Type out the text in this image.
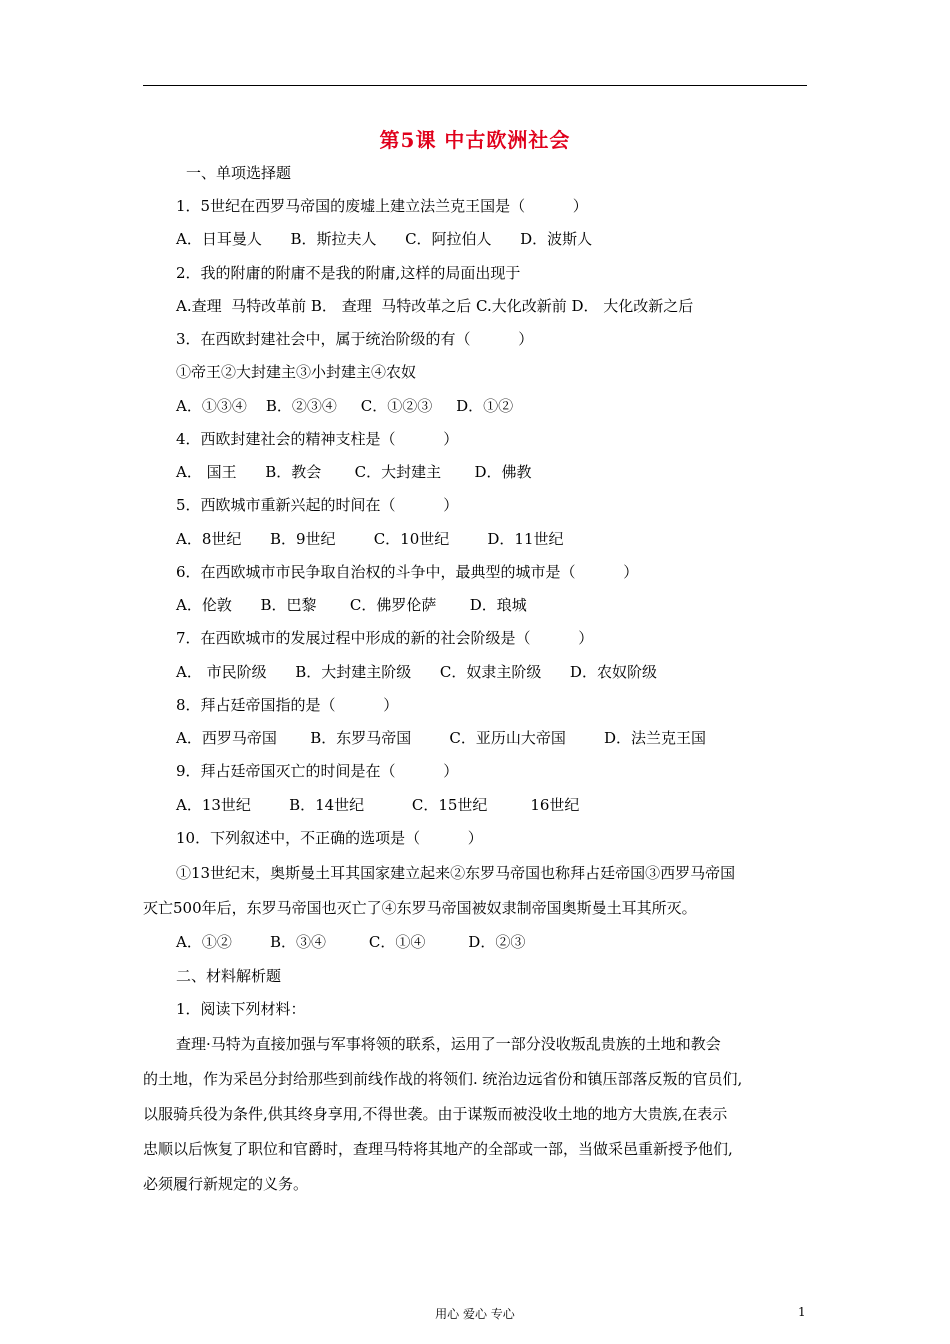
第5课 中古欧洲社会
一、单项选择题
1．5世纪在西罗马帝国的废墟上建立法兰克王国是（          ）
A．日耳曼人      B．斯拉夫人      C．阿拉伯人      D．波斯人
2．我的附庸的附庸不是我的附庸,这样的局面出现于
A.查理  马特改革前 B． 查理  马特改革之后 C.大化改新前 D． 大化改新之后
3．在西欧封建社会中，属于统治阶级的有（          ）
①帝王②大封建主③小封建主④农奴
A．①③④    B．②③④     C．①②③     D．①②
4．西欧封建社会的精神支柱是（          ）
A． 国王      B．教会       C．大封建主       D．佛教
5．西欧城市重新兴起的时间在（          ）
A．8世纪      B．9世纪        C．10世纪        D．11世纪
6．在西欧城市市民争取自治权的斗争中，最典型的城市是（          ）
A．伦敦      B．巴黎       C．佛罗伦萨       D．琅城
7．在西欧城市的发展过程中形成的新的社会阶级是（          ）
A． 市民阶级      B．大封建主阶级      C．奴隶主阶级      D．农奴阶级
8．拜占廷帝国指的是（          ）
A．西罗马帝国       B．东罗马帝国        C．亚历山大帝国        D．法兰克王国
9．拜占廷帝国灭亡的时间是在（          ）
A．13世纪        B．14世纪          C．15世纪         16世纪
10．下列叙述中，不正确的选项是（          ）
①13世纪末，奥斯曼土耳其国家建立起来②东罗马帝国也称拜占廷帝国③西罗马帝国
灭亡500年后，东罗马帝国也灭亡了④东罗马帝国被奴隶制帝国奥斯曼土耳其所灭。
A．①②        B．③④         C．①④         D．②③
二、材料解析题
1．阅读下列材料：
查理·马特为直接加强与军事将领的联系，运用了一部分没收叛乱贵族的土地和教会
的土地，作为采邑分封给那些到前线作战的将领们. 统治边远省份和镇压部落反叛的官员们,
以服骑兵役为条件,供其终身享用,不得世袭。由于谋叛而被没收土地的地方大贵族,在表示
忠顺以后恢复了职位和官爵时，查理马特将其地产的全部或一部，当做采邑重新授予他们,
必须履行新规定的义务。
用心 爱心 专心	1
